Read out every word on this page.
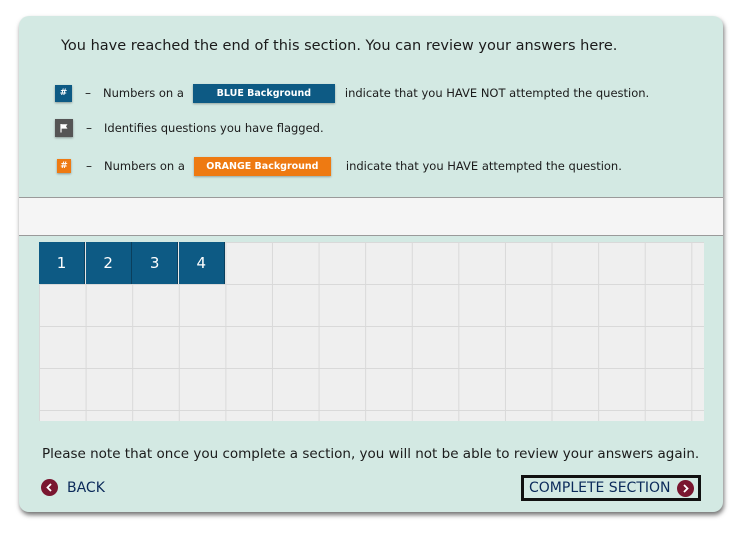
You have reached the end of this section. You can review your answers here.
#	– Numbers on a	BLUE Background	indicate that you HAVE NOT attempted the question.
– Identifies questions you have flagged.
# – Numbers on a	ORANGE Background	indicate that you HAVE attempted the question.
1	2	3	4
Please note that once you complete a section, you will not be able to review your answers again.
BACK	COMPLETE SECTION
